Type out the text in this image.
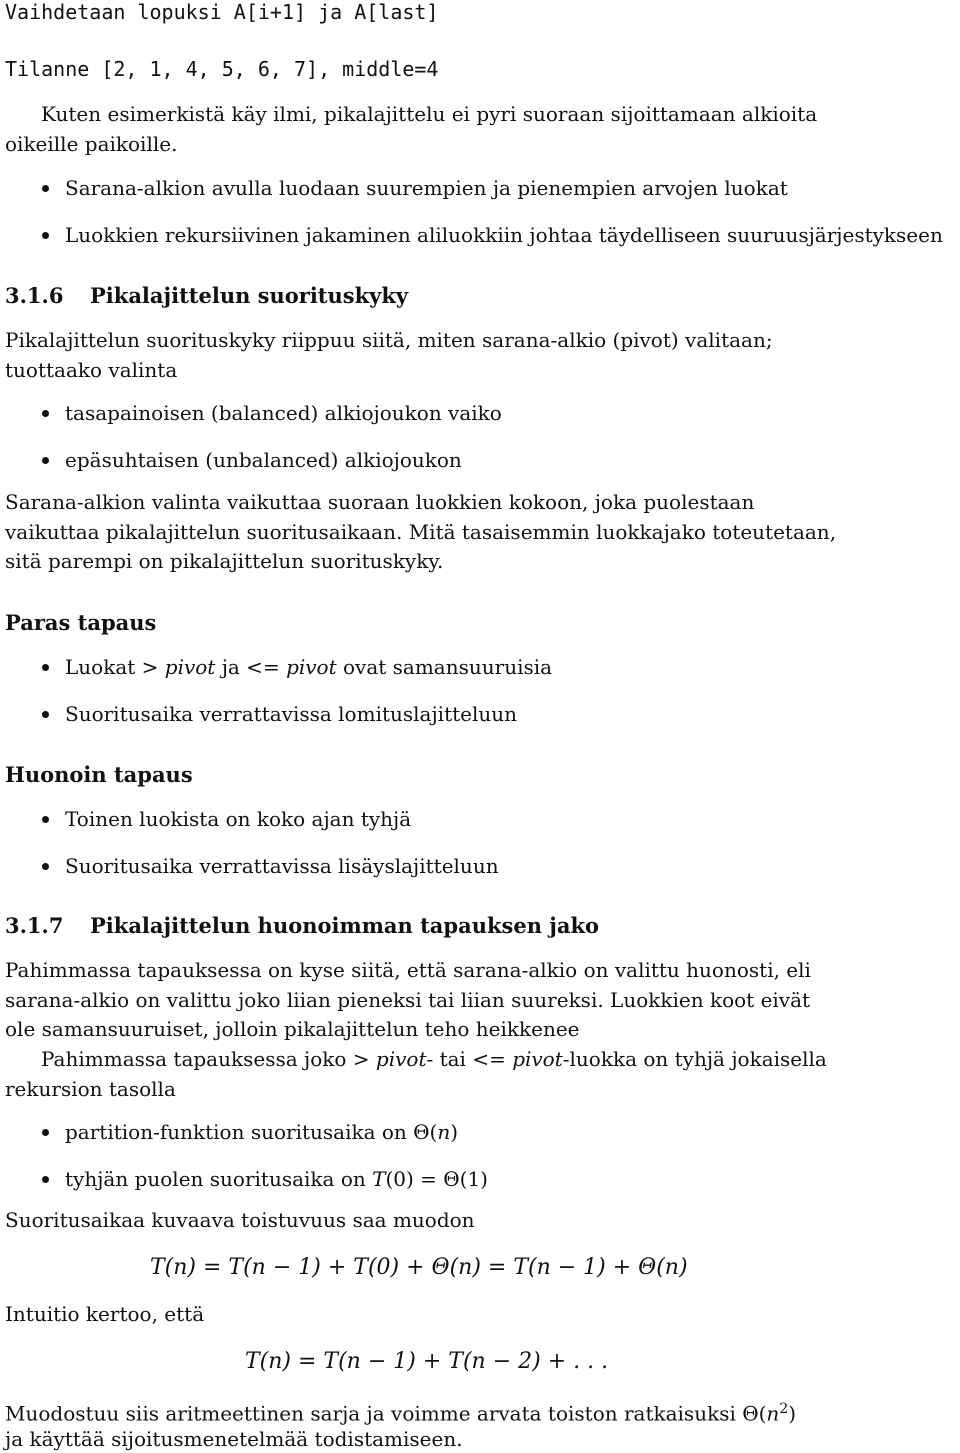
Vaihdetaan lopuksi A[i+1] ja A[last]
Tilanne [2, 1, 4, 5, 6, 7], middle=4
Kuten esimerkistä käy ilmi, pikalajittelu ei pyri suoraan sijoittamaan alkioita oikeille paikoille.
Sarana-alkion avulla luodaan suurempien ja pienempien arvojen luokat
Luokkien rekursiivinen jakaminen aliluokkiin johtaa täydelliseen suuruusjärjestykseen
3.1.6 Pikalajittelun suorituskyky
Pikalajittelun suorituskyky riippuu siitä, miten sarana-alkio (pivot) valitaan; tuottaako valinta
tasapainoisen (balanced) alkiojoukon vaiko
epäsuhtaisen (unbalanced) alkiojoukon
Sarana-alkion valinta vaikuttaa suoraan luokkien kokoon, joka puolestaan vaikuttaa pikalajittelun suoritusaikaan. Mitä tasaisemmin luokkajako toteutetaan, sitä parempi on pikalajittelun suorituskyky.
Paras tapaus
Luokat > pivot ja <= pivot ovat samansuuruisia
Suoritusaika verrattavissa lomituslajitteluun
Huonoin tapaus
Toinen luokista on koko ajan tyhjä
Suoritusaika verrattavissa lisäyslajitteluun
3.1.7 Pikalajittelun huonoimman tapauksen jako
Pahimmassa tapauksessa on kyse siitä, että sarana-alkio on valittu huonosti, eli sarana-alkio on valittu joko liian pieneksi tai liian suureksi. Luokkien koot eivät ole samansuuruiset, jolloin pikalajittelun teho heikkenee
Pahimmassa tapauksessa joko > pivot- tai <= pivot-luokka on tyhjä jokaisella rekursion tasolla
partition-funktion suoritusaika on Θ(n)
tyhjän puolen suoritusaika on T(0) = Θ(1)
Suoritusaikaa kuvaava toistuvuus saa muodon
T(n) = T(n − 1) + T(0) + Θ(n) = T(n − 1) + Θ(n)
Intuitio kertoo, että
T(n) = T(n − 1) + T(n − 2) + . . .
Muodostuu siis aritmeettinen sarja ja voimme arvata toiston ratkaisuksi $\Theta(n^2)$
ja käyttää sijoitusmenetelmää todistamiseen.
